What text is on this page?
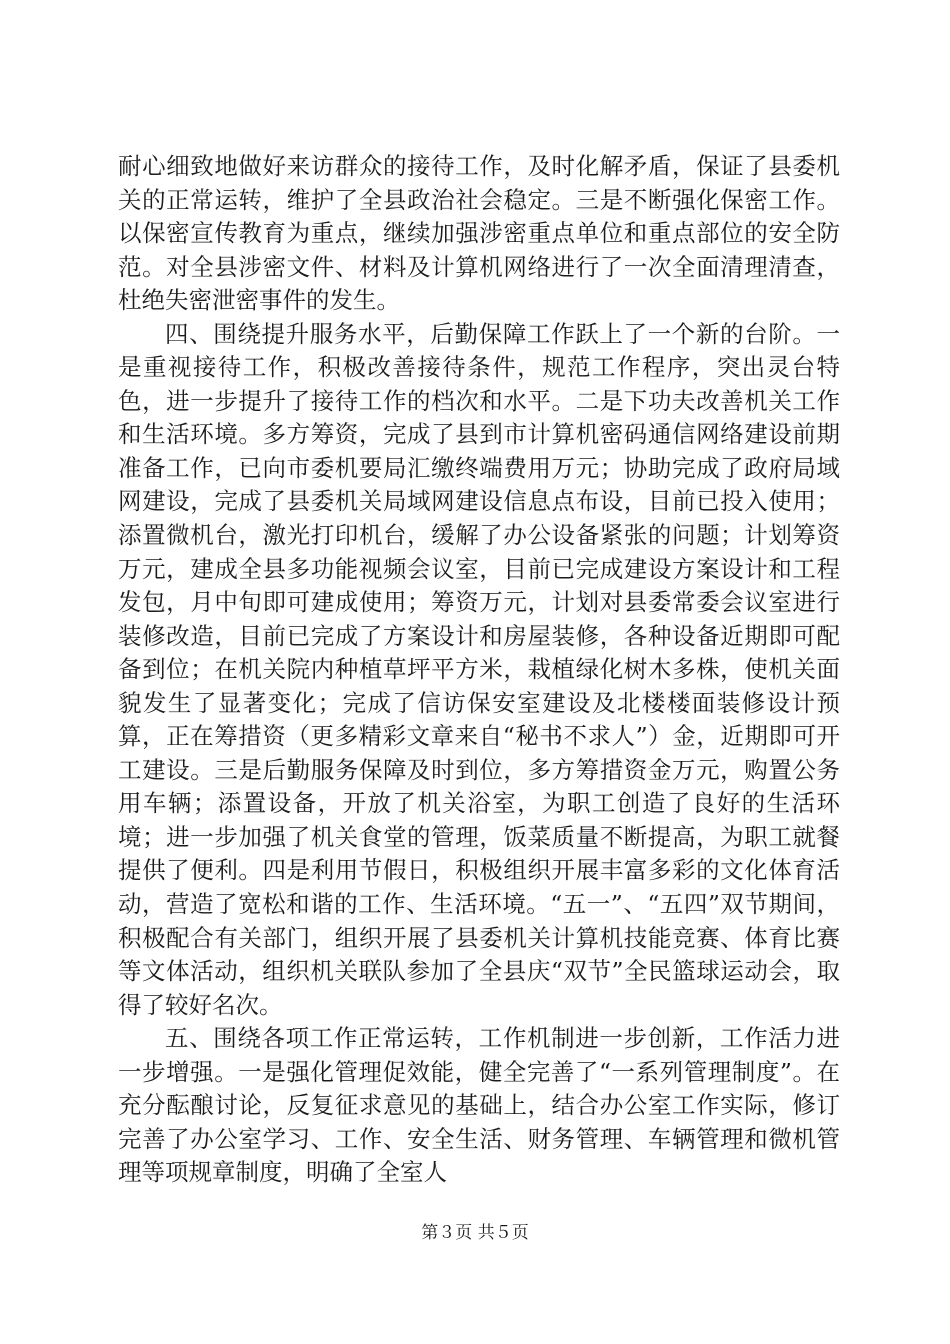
耐心细致地做好来访群众的接待工作，及时化解矛盾，保证了县委机关的正常运转，维护了全县政治社会稳定。三是不断强化保密工作。以保密宣传教育为重点，继续加强涉密重点单位和重点部位的安全防范。对全县涉密文件、材料及计算机网络进行了一次全面清理清查，杜绝失密泄密事件的发生。

四、围绕提升服务水平，后勤保障工作跃上了一个新的台阶。一是重视接待工作，积极改善接待条件，规范工作程序，突出灵台特色，进一步提升了接待工作的档次和水平。二是下功夫改善机关工作和生活环境。多方筹资，完成了县到市计算机密码通信网络建设前期准备工作，已向市委机要局汇缴终端费用万元；协助完成了政府局域网建设，完成了县委机关局域网建设信息点布设，目前已投入使用；添置微机台，激光打印机台，缓解了办公设备紧张的问题；计划筹资万元，建成全县多功能视频会议室，目前已完成建设方案设计和工程发包，月中旬即可建成使用；筹资万元，计划对县委常委会议室进行装修改造，目前已完成了方案设计和房屋装修，各种设备近期即可配备到位；在机关院内种植草坪平方米，栽植绿化树木多株，使机关面貌发生了显著变化；完成了信访保安室建设及北楼楼面装修设计预算，正在筹措资（更多精彩文章来自“秘书不求人”）金，近期即可开工建设。三是后勤服务保障及时到位，多方筹措资金万元，购置公务用车辆；添置设备，开放了机关浴室，为职工创造了良好的生活环境；进一步加强了机关食堂的管理，饭菜质量不断提高，为职工就餐提供了便利。四是利用节假日，积极组织开展丰富多彩的文化体育活动，营造了宽松和谐的工作、生活环境。“五一”、“五四”双节期间，积极配合有关部门，组织开展了县委机关计算机技能竞赛、体育比赛等文体活动，组织机关联队参加了全县庆“双节”全民篮球运动会，取得了较好名次。

五、围绕各项工作正常运转，工作机制进一步创新，工作活力进一步增强。一是强化管理促效能，健全完善了“一系列管理制度”。在充分酝酿讨论，反复征求意见的基础上，结合办公室工作实际，修订完善了办公室学习、工作、安全生活、财务管理、车辆管理和微机管理等项规章制度，明确了全室人

第３页 共５页
